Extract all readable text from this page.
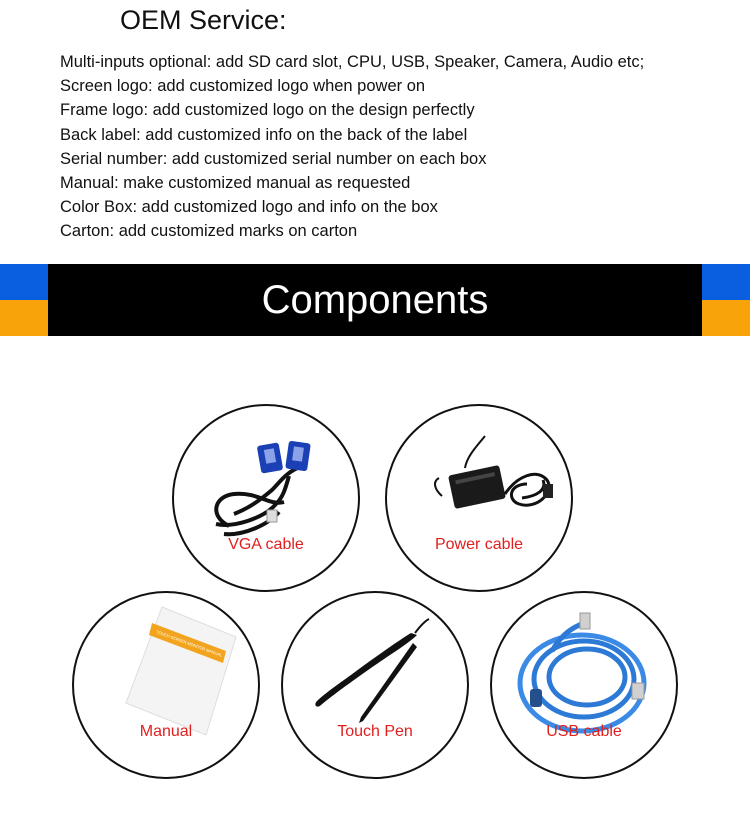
OEM Service:
Multi-inputs optional: add SD card slot, CPU, USB, Speaker, Camera, Audio etc;
Screen logo: add customized logo when power on
Frame logo: add customized logo on the design perfectly
Back label: add customized info on the back of the label
Serial number: add customized serial number on each box
Manual: make customized manual as requested
Color Box: add customized logo and info on the box
Carton: add customized marks on carton
Components
VGA cable	Power cable
TOUCH SCREEN MONITOR MANUAL
Manual	Touch Pen	USB cable
